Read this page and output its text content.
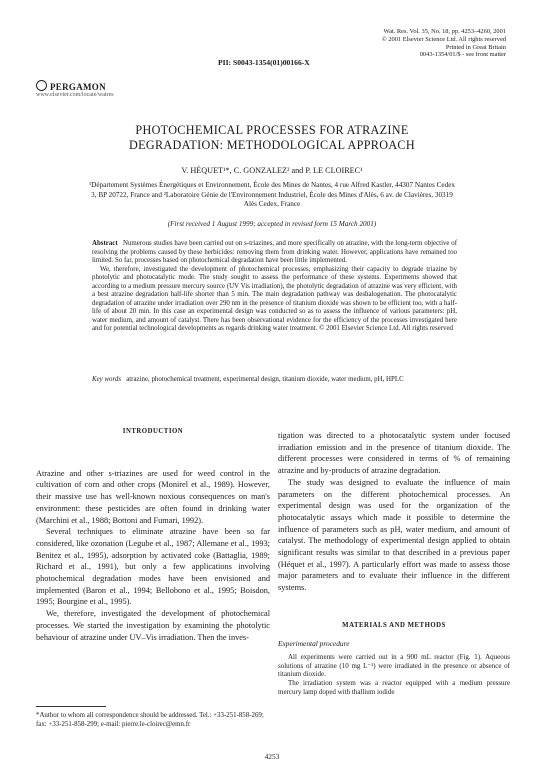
Wat. Res. Vol. 35, No. 18, pp. 4253–4260, 2001
© 2001 Elsevier Science Ltd. All rights reserved
Printed in Great Britain
0043-1354/01/$ - see front matter
PII: S0043-1354(01)00166-X
PERGAMON
www.elsevier.com/locate/watres
PHOTOCHEMICAL PROCESSES FOR ATRAZINE
DEGRADATION: METHODOLOGICAL APPROACH
V. HÉQUET¹*, C. GONZALEZ² and P. LE CLOIREC¹
¹Département Systèmes Énergétiques et Environnement, École des Mines de Nantes, 4 rue Alfred Kastler, 44307 Nantes Cedex 3, BP 20722, France and ²Laboratoire Génie de l'Environnement Industriel, École des Mines d'Alès, 6 av. de Clavières, 30319 Alès Cedex, France
(First received 1 August 1999; accepted in revised form 15 March 2001)

Abstract Numerous studies have been carried out on s-triazines, and more specifically on atrazine, with the long-term objective of resolving the problems caused by these herbicides: removing them from drinking water. However, applications have remained too limited. So far, processes based on photochemical degradation have been little implemented.

We, therefore, investigated the development of photochemical processes, emphasizing their capacity to degrade triazine by photolytic and photocatalytic mode. The study sought to assess the performance of these systems. Experiments showed that according to a medium pressure mercury source (UV Vis irradiation), the photolytic degradation of atrazine was very efficient, with a best atrazine degradation half-life shorter than 5 min. The main degradation pathway was deshalogenation. The photocatalytic degradation of atrazine under irradiation over 290 nm in the presence of titanium dioxide was shown to be efficient too, with a half-life of about 20 min. In this case an experimental design was conducted so as to assess the influence of various parameters: pH, water medium, and amount of catalyst. There has been observational evidence for the efficiency of the processes investigated here and for potential technological developments as regards drinking water treatment. © 2001 Elsevier Science Ltd. All rights reserved

Key words atrazine, photochemical treatment, experimental design, titanium dioxide, water medium, pH, HPLC
INTRODUCTION

Atrazine and other s-triazines are used for weed control in the cultivation of corn and other crops (Monirel et al., 1989). However, their massive use has well-known noxious consequences on man's environment: these pesticides are often found in drinking water (Marchini et al., 1988; Bottoni and Fumari, 1992).

Several techniques to eliminate atrazine have been so far considered, like ozonation (Legube et al., 1987; Allemane et al., 1993; Benitez et al., 1995), adsorption by activated coke (Battaglia, 1989; Richard et al., 1991), but only a few applications involving photochemical degradation modes have been envisioned and implemented (Baron et al., 1994; Bellobono et al., 1995; Boisdon, 1995; Bourgine et al., 1995).

We, therefore, investigated the development of photochemical processes. We started the investigation by examining the photolytic behaviour of atrazine under UV–Vis irradiation. Then the inves-

*Author to whom all correspondence should be addressed. Tel.: +33-251-858-269; fax: +33-251-858-299; e-mail: pierre.le-cloirec@emn.fr

tigation was directed to a photocatalytic system under focused irradiation emission and in the presence of titanium dioxide. The different processes were considered in terms of % of remaining atrazine and by-products of atrazine degradation.

The study was designed to evaluate the influence of main parameters on the different photochemical processes. An experimental design was used for the organization of the photocatalytic assays which made it possible to determine the influence of parameters such as pH, water medium, and amount of catalyst. The methodology of experimental design applied to obtain significant results was similar to that described in a previous paper (Héquet et al., 1997). A particularly effort was made to assess those major parameters and to evaluate their influence in the different systems.

MATERIALS AND METHODS
Experimental procedure

All experiments were carried out in a 900 mL reactor (Fig. 1). Aqueous solutions of atrazine (10 mg L⁻¹) were irradiated in the presence or absence of titanium dioxide.

The irradiation system was a reactor equipped with a medium pressure mercury lamp doped with thallium iodide

4253
